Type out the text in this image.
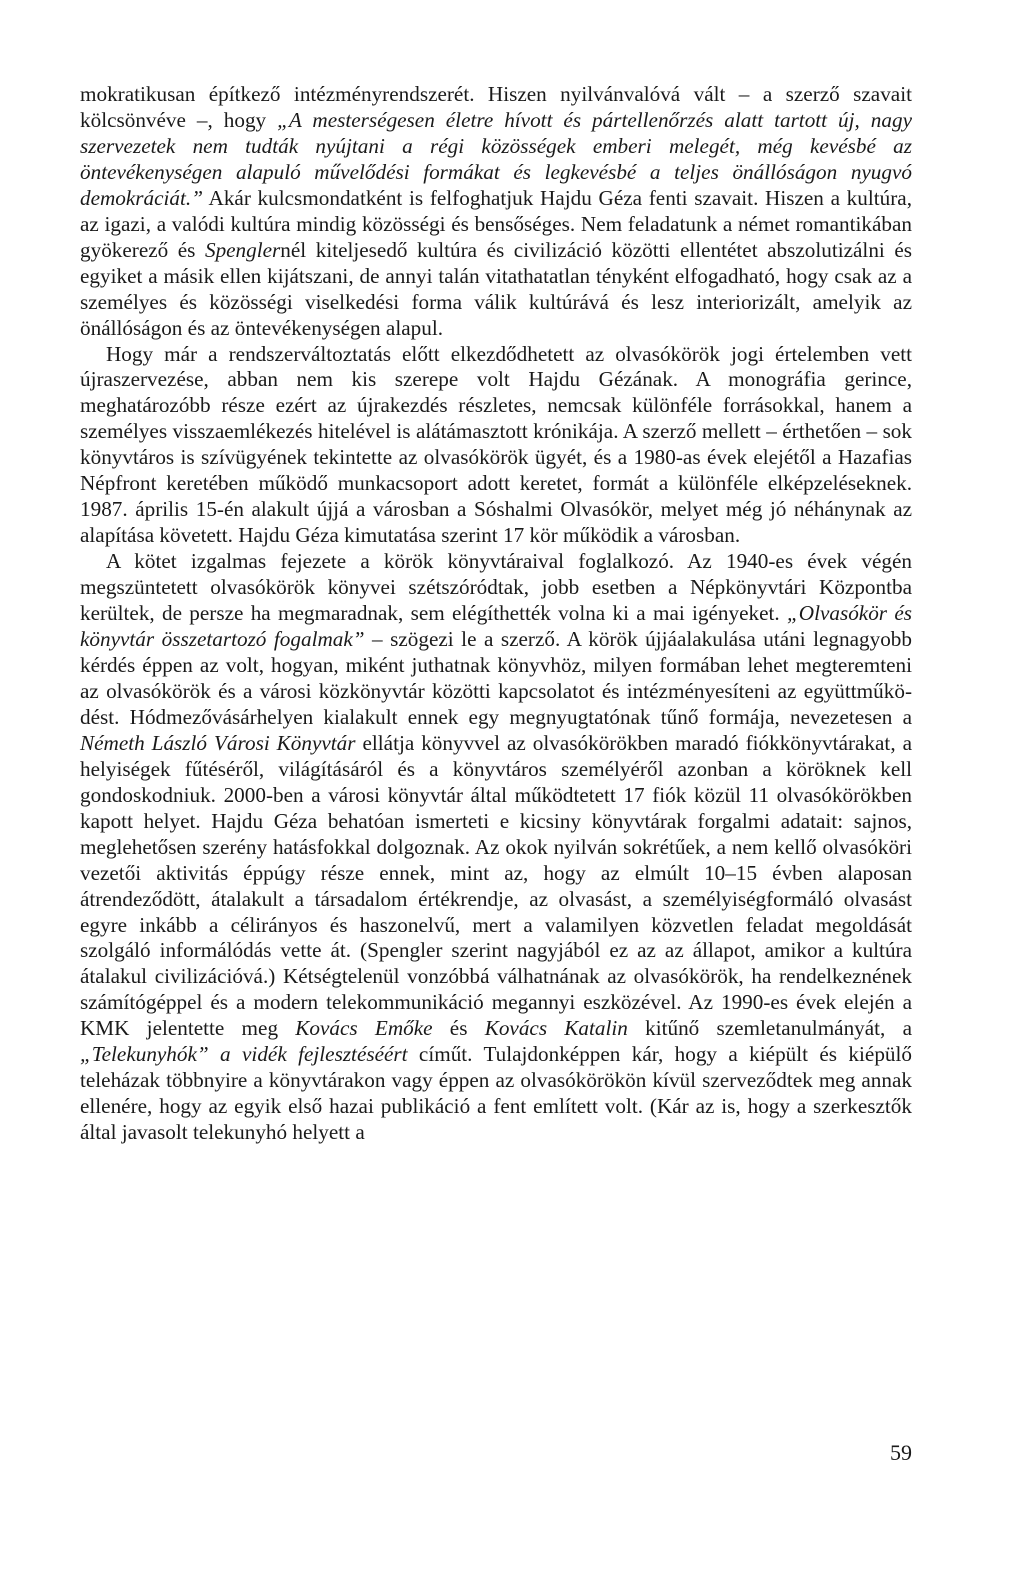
mokratikusan építkező intézményrendszerét. Hiszen nyilvánvalóvá vált – a szerző szavait kölcsönvéve –, hogy „A mesterségesen életre hívott és pártellenőrzés alatt tartott új, nagy szervezetek nem tudták nyújtani a régi közösségek emberi melegét, még kevésbé az öntevékenységen alapuló művelődési formákat és legkevésbé a teljes önállóságon nyugvó demokráciát.” Akár kulcsmondatként is felfoghatjuk Hajdu Géza fenti szavait. Hiszen a kultúra, az igazi, a valódi kultúra mindig közösségi és bensőséges. Nem feladatunk a német romantikában gyökerező és Spenglernél kiteljesedő kultúra és civilizáció közötti ellentétet abszolutizálni és egyiket a másik ellen kijátszani, de annyi talán vitathatatlan tényként elfogadható, hogy csak az a személyes és közösségi viselkedési forma válik kultúrává és lesz interiorizált, amelyik az önállóságon és az öntevékenységen alapul.

Hogy már a rendszerváltoztatás előtt elkezdődhetett az olvasókörök jogi értelemben vett újraszervezése, abban nem kis szerepe volt Hajdu Gézának. A monográfia gerince, meghatározóbb része ezért az újrakezdés részletes, nemcsak különféle forrásokkal, hanem a személyes visszaemlékezés hitelével is alátámasztott krónikája. A szerző mellett – érthetően – sok könyvtáros is szívügyének tekintette az olvasókörök ügyét, és a 1980-as évek elejétől a Hazafias Népfront keretében működő munkacsoport adott keretet, formát a különféle elképzeléseknek. 1987. április 15-én alakult újjá a városban a Sóshalmi Olvasókör, melyet még jó néhánynak az alapítása követett. Hajdu Géza kimutatása szerint 17 kör működik a városban.

A kötet izgalmas fejezete a körök könyvtáraival foglalkozó. Az 1940-es évek végén megszüntetett olvasókörök könyvei szétszóródtak, jobb esetben a Népkönyvtári Központba kerültek, de persze ha megmaradnak, sem elégíthették volna ki a mai igényeket. „Olvasókör és könyvtár összetartozó fogalmak” – szögezi le a szerző. A körök újjáalakulása utáni legnagyobb kérdés éppen az volt, hogyan, miként juthatnak könyvhöz, milyen formában lehet megteremteni az olvasókörök és a városi közkönyvtár közötti kapcsolatot és intézményesíteni az együttműködést. Hódmezővásárhelyen kialakult ennek egy megnyugtatónak tűnő formája, nevezetesen a Németh László Városi Könyvtár ellátja könyvvel az olvasókörökben maradó fiókkönyvtárakat, a helyiségek fűtéséről, világításáról és a könyvtáros személyéről azonban a köröknek kell gondoskodniuk. 2000-ben a városi könyvtár által működtetett 17 fiók közül 11 olvasókörökben kapott helyet. Hajdu Géza behatóan ismerteti e kicsiny könyvtárak forgalmi adatait: sajnos, meglehetősen szerény hatásfokkal dolgoznak. Az okok nyilván sokrétűek, a nem kellő olvasóköri vezetői aktivitás éppúgy része ennek, mint az, hogy az elmúlt 10–15 évben alaposan átrendeződött, átalakult a társadalom értékrendje, az olvasást, a személyiségformáló olvasást egyre inkább a célirányos és haszonelvű, mert a valamilyen közvetlen feladat megoldását szolgáló informálódás vette át. (Spengler szerint nagyjából ez az az állapot, amikor a kultúra átalakul civilizációvá.) Kétségtelenül vonzóbbá válhatnának az olvasókörök, ha rendelkeznének számítógéppel és a modern telekommunikáció megannyi eszközével. Az 1990-es évek elején a KMK jelentette meg Kovács Emőke és Kovács Katalin kitűnő szemletanulmányát, a „Telekunyhók” a vidék fejlesztéséért címűt. Tulajdonképpen kár, hogy a kiépült és kiépülő teleházak többnyire a könyvtárakon vagy éppen az olvasókörökön kívül szerveződtek meg annak ellenére, hogy az egyik első hazai publikáció a fent említett volt. (Kár az is, hogy a szerkesztők által javasolt telekunyhó helyett a

59
